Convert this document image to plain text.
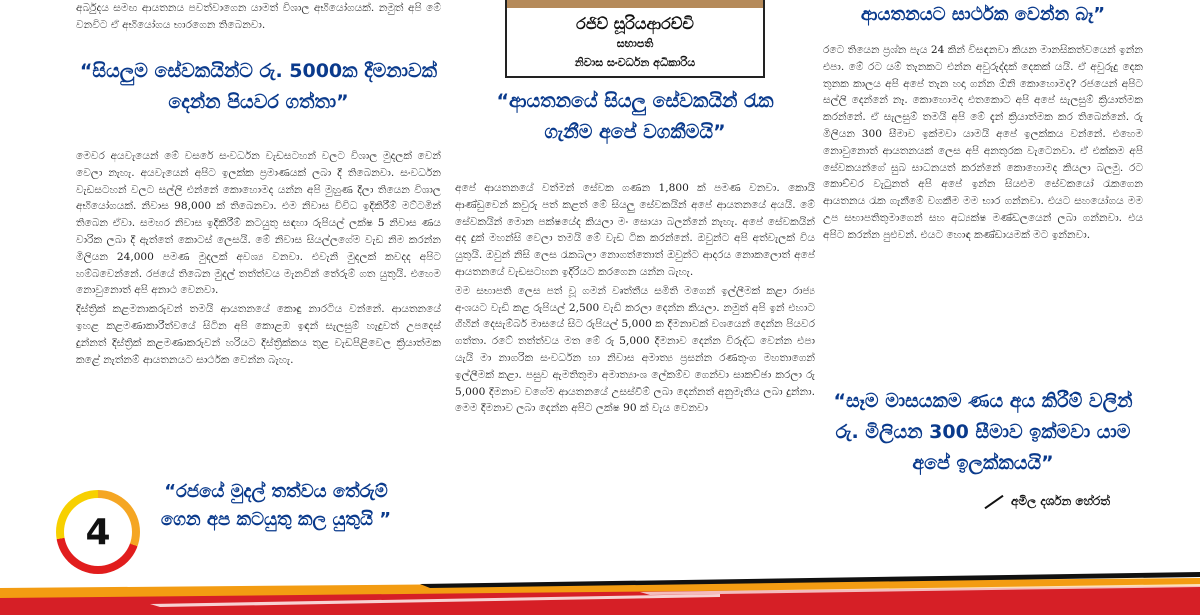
අර්බුදය සමඟ ආයතනය පවත්වාගෙන යාමත් විශාල අභියෝගයක්. නමුත් අපි මේ වනවිට ඒ අභියෝගය භාරගෙන තිබෙනවා.

“සියලුම සේවකයින්ට රු. 5000ක දීමනාවක් දෙන්න පියවර ගත්තා”

මෙවර අයවැයෙන් මේ වසරේ සංවර්ධන වැඩසටහන් වලට විශාල මුදලක් වෙන් වෙලා නැහැ. අයවැයෙන් අපිට ඉලක්ක ප්‍රමාණයක් ලබා දී තිබෙනවා. සංවර්ධන වැඩසටහන් වලට සල්ලි එන්නේ කොහොමද යන්න අපි මුහුණ දීලා තියෙන විශාල අභියෝගයක්. නිවාස 98,000 ක් තිබෙනවා. එම නිවාස විවිධ ඉදිකිරීම් මට්ටමින් තිබෙන ඒවා. සමහර නිවාස ඉදිකිරීම් කටයුතු සඳහා රුපියල් ලක්ෂ 5 නිවාස ණය වාරික ලබා දී ඇත්තේ කොටස් ලෙසයි. මේ නිවාස සියල්ලගේම වැඩ නිම කරන්න මිලියන 24,000 පමණ මුදලක් අවශ්‍ය වනවා. එවැනි මුදලක් කවදද අපිට හම්බවෙන්නේ. රජයේ තිබෙන මුදල් තත්ත්වය මැනවින් තේරුම් ගත යුතුයි. එහෙම නොවුනොත් අපි අනාථ වෙනවා.

දිස්ත්‍රික් කළමනාකරුවන් තමයි ආයතනයේ කොඳු නාරටිය වන්නේ. ආයතනයේ ඉහළ කළමණාකාරීත්වයේ සිටින අපි කොළඹ ඉඳන් සැලසුම් හැදුවත් උපදෙස් දුන්නත් දිස්ත්‍රික් කළමණාකරුවන් හරියට දිස්ත්‍රික්කය තුළ වැඩපිළිවෙල ක්‍රියාත්මක කළේ නැත්නම් ආයතනයට සාර්ථක වෙන්න බැහැ.

“රජයේ මුදල් තත්වය තේරුම් ගෙන අප කටයුතු කල යුතුයි ”
රජිව් සූරියආරච්චි
සභාපති
නිවාස සංවර්ධන අධිකාරිය
“ආයතනයේ සියලු සේවකයින් රැක ගැනීම අපේ වගකීමයි”

අපේ ආයතනයේ වත්මන් සේවක ගණන 1,800 ක් පමණ වනවා. කොයි ආණ්ඩුවෙන් කවුරු පත් කළත් මේ සියලු සේවකයින් අපේ ආයතනයේ අයයි. මේ සේවකයින් මොන පක්ෂයේද කියලා මං සොයා බලන්නේ නැහැ. අපේ සේවකයින් අද දුක් මහන්සි වෙලා තමයි මේ වැඩ ටික කරන්නේ. ඔවුන්ට අපි අත්වැලක් විය යුතුයි. ඔවුන් නිසි ලෙස රැකබලා නොගත්තොත් ඔවුන්ට ආදරය නොකලොත් අපේ ආයතනයේ වැඩසටහන ඉදිරියට කරගෙන යන්න බැහැ.

මම සභාපති ලෙස පත් වූ ගමන් වෘත්තීය සමිති මගෙන් ඉල්ලීමක් කළා රාජ්‍ය අංශයට වැඩි කළ රුපියල් 2,500 වැඩි කරලා දෙන්න කියලා. නමුත් අපි ඉන් එහාට ගිහින් දෙසැම්බර් මාසයේ සිට රුපියල් 5,000 ක දීමනාවක් වශයෙන් දෙන්න පියවර ගත්තා. රටේ තත්ත්වය මත මේ රු 5,000 දීමනාව දෙන්න විරුද්ධ වෙන්න එපා යැයි මා නාගරික සංවර්ධන හා නිවාස අමාත්‍ය ප්‍රසන්න රණතුංග මහතාගෙන් ඉල්ලීමක් කළා. පසුව ඇමතිතුමා අමාත්‍යාංශ ලේකම්ව ගෙන්වා සාකච්ඡා කරලා රු 5,000 දීමනාව වගේම ආයතනයේ උසස්වීම් ලබා දෙන්නත් අනුමැතිය ලබා දුන්නා. මෙම දීමනාව ලබා දෙන්න අපිට ලක්ෂ 90 ක් වැය වෙනවා

ආයතනයට සාර්ථක වෙන්න බෑ”

රටෙ තියෙන ප්‍රශ්න පැය 24 කින් විසඳනවා කියන මානසිකත්වයෙන් ඉන්න එපා. මේ රට යම් තැනකට එන්න අවුරුද්දක් දෙකක් යයි. ඒ අවුරුදු දෙක තුනක කාලය අපි අපේ තැන හදා ගන්න ඕනි කොහොමද? රජයෙන් අපිට සල්ලි දෙන්නේ නෑ. කොහොමද එතකොට අපි අපේ සැලසුම් ක්‍රියාත්මක කරන්නේ. ඒ සැලසුම් තමයි අපි මේ දැන් ක්‍රියාත්මක කර තිබෙන්නේ. රු මිලියන 300 සීමාව ඉක්මවා යාමයි අපේ ඉලක්කය වන්නේ. එහෙම නොවුනොත් ආයතනයක් ලෙස අපි අනතුරක වැටෙනවා. ඒ එක්කම අපි සේවකයන්ගේ සුබ සාධනයත් කරන්නේ කොහොමද කියලා බලමු. රට කොච්චර වැටුනත් අපි අපේ ඉන්න සියළුම සේවකයෝ රැකගෙන ආයතනය රැක ගැනීමේ වගකීම මම භාර ගන්නවා. එයට සහයෝගය මම උප සභාපතිතුමාගෙන් සහ අධ්‍යක්ෂ මණ්ඩලයෙන් ලබා ගන්නවා. එය අපිට කරන්න පුළුවන්. එයට හොඳ කණ්ඩායමක් මට ඉන්නවා.

“සෑම මාසයකම ණය අය කිරීම් වලින් රු. මිලියන 300 සීමාව ඉක්මවා යාම අපේ ඉලක්කයයි”
අමිල දර්ශන හේරත්
4
